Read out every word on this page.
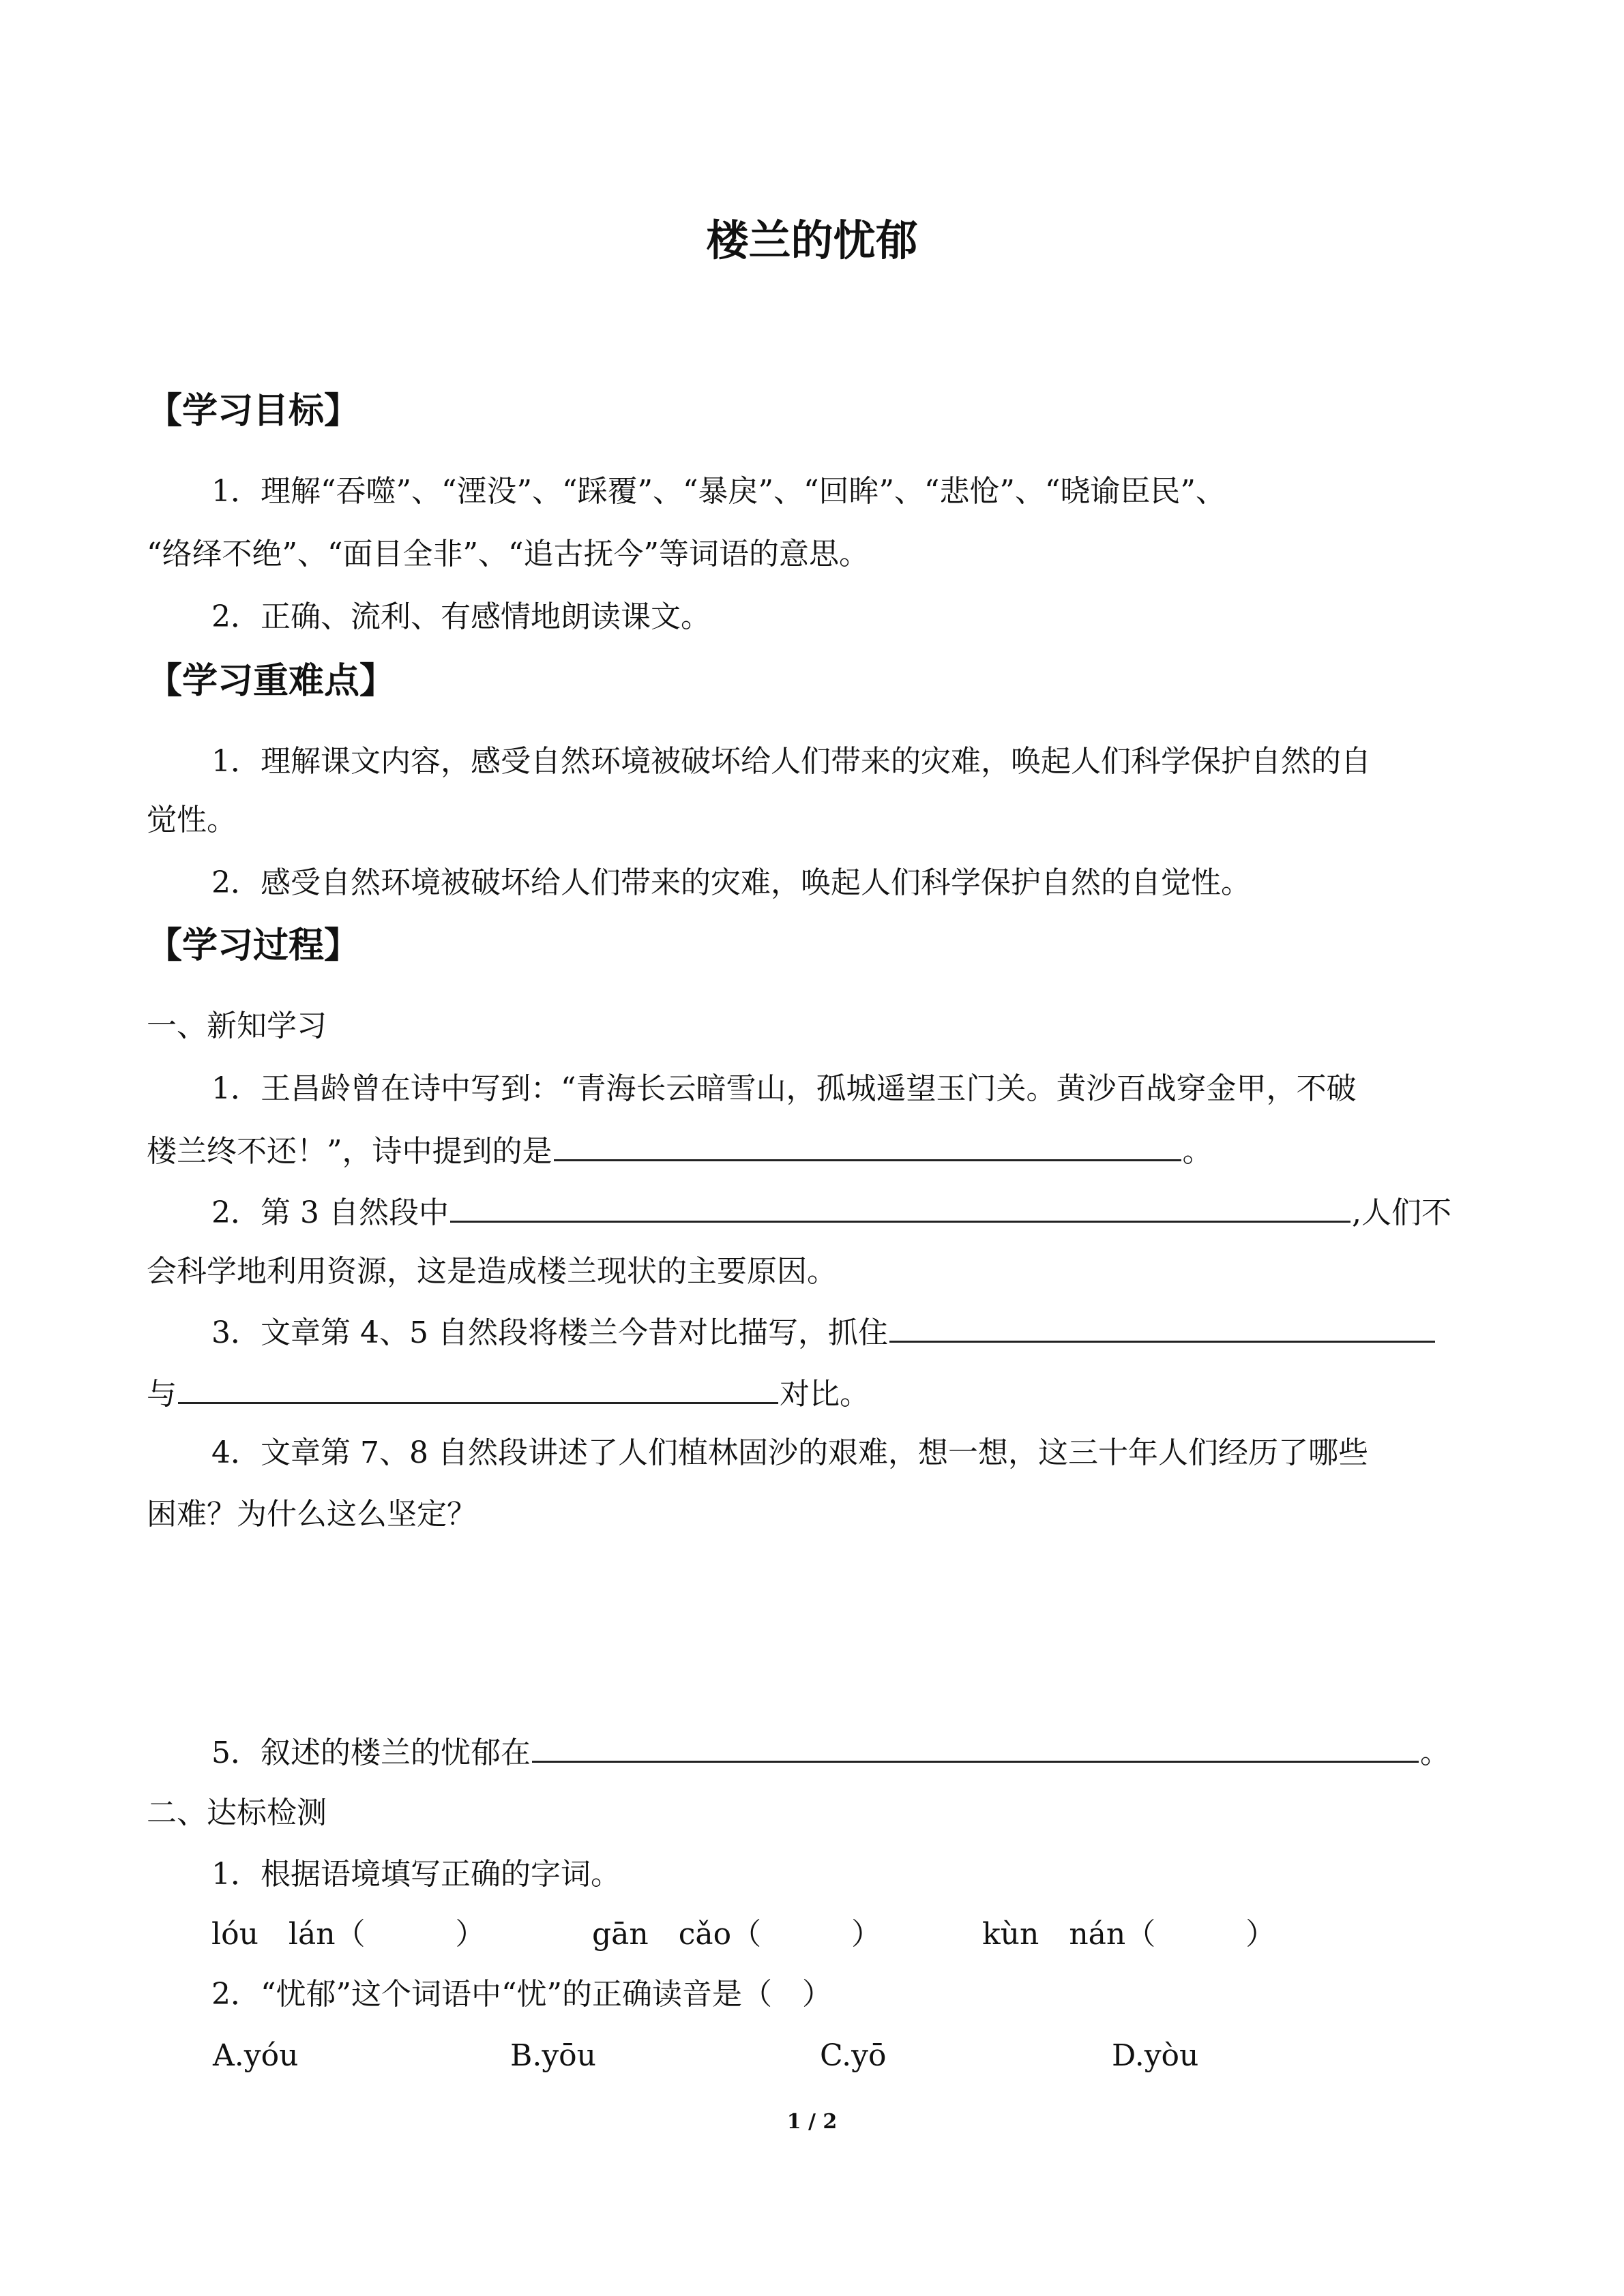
楼兰的忧郁
【学习目标】
1．理解“吞噬”、“湮没”、“踩覆”、“暴戾”、“回眸”、“悲怆”、“晓谕臣民”、
“络绎不绝”、“面目全非”、“追古抚今”等词语的意思。
2．正确、流利、有感情地朗读课文。
【学习重难点】
1．理解课文内容，感受自然环境被破坏给人们带来的灾难，唤起人们科学保护自然的自
觉性。
2．感受自然环境被破坏给人们带来的灾难，唤起人们科学保护自然的自觉性。
【学习过程】
一、新知学习
1．王昌龄曾在诗中写到：“青海长云暗雪山，孤城遥望玉门关。黄沙百战穿金甲，不破
楼兰终不还！”，诗中提到的是	。
2．第 3 自然段中	,人们不
会科学地利用资源，这是造成楼兰现状的主要原因。
3．文章第 4、5 自然段将楼兰今昔对比描写，抓住
与	对比。
4．文章第 7、8 自然段讲述了人们植林固沙的艰难，想一想，这三十年人们经历了哪些
困难？为什么这么坚定？
5．叙述的楼兰的忧郁在	。
二、达标检测
1．根据语境填写正确的字词。
lóu　lán（　　　）	gān　cǎo（　　　）	kùn　nán（　　　）
2．“忧郁”这个词语中“忧”的正确读音是（　）
A.yóu	B.yōu	C.yō	D.yòu
1 / 2
